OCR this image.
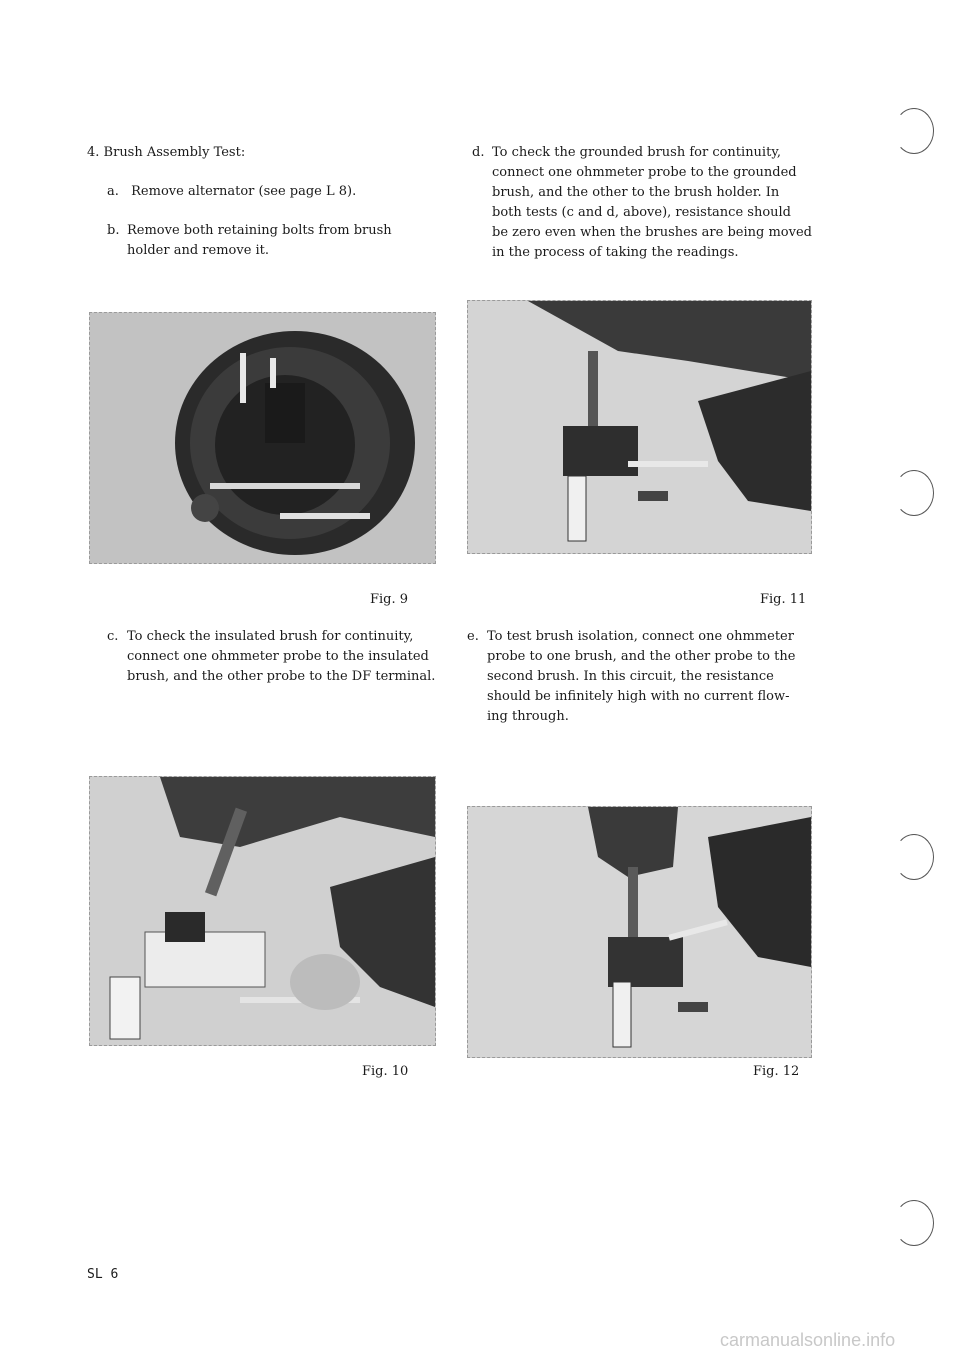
4. Brush Assembly Test:
a. Remove alternator (see page L 8).
b. Remove both retaining bolts from brush
holder and remove it.
d. To check the grounded brush for continuity,
connect one ohmmeter probe to the grounded
brush, and the other to the brush holder. In
both tests (c and d, above), resistance should
be zero even when the brushes are being moved
in the process of taking the readings.
Fig. 9	Fig. 11
c. To check the insulated brush for continuity,
connect one ohmmeter probe to the insulated
brush, and the other probe to the DF terminal.
e. To test brush isolation, connect one ohmmeter
probe to one brush, and the other probe to the
second brush. In this circuit, the resistance
should be infinitely high with no current flow-
ing through.
Fig. 10	Fig. 12
SL 6
carmanualsonline.info
